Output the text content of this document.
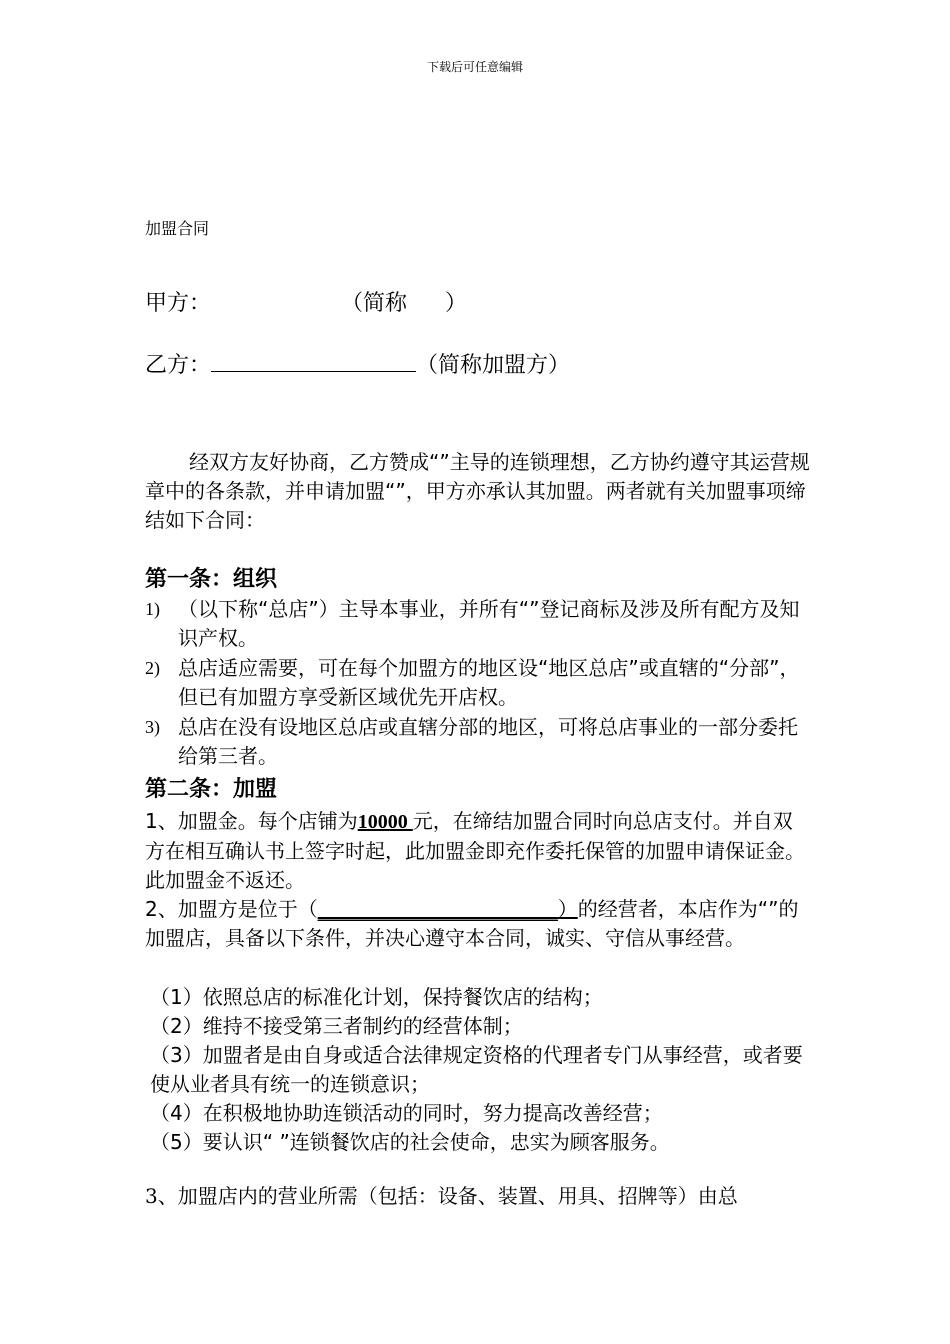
下载后可任意编辑
加盟合同
甲方：	（简称 ）
乙方：	（简称加盟方）
经双方友好协商，乙方赞成“”主导的连锁理想，乙方协约遵守其运营规章中的各条款，并申请加盟“”，甲方亦承认其加盟。两者就有关加盟事项缔结如下合同：
第一条：组织
1) （以下称“总店”）主导本事业，并所有“”登记商标及涉及所有配方及知识产权。
2) 总店适应需要，可在每个加盟方的地区设“地区总店”或直辖的“分部”，但已有加盟方享受新区域优先开店权。
3) 总店在没有设地区总店或直辖分部的地区，可将总店事业的一部分委托给第三者。
第二条：加盟
1、加盟金。每个店铺为10000 元，在缔结加盟合同时向总店支付。并自双方在相互确认书上签字时起，此加盟金即充作委托保管的加盟申请保证金。此加盟金不返还。
2、加盟方是位于（________________________）的经营者，本店作为“”的加盟店，具备以下条件，并决心遵守本合同，诚实、守信从事经营。
（1）依照总店的标准化计划，保持餐饮店的结构；
（2）维持不接受第三者制约的经营体制；
（3）加盟者是由自身或适合法律规定资格的代理者专门从事经营，或者要使从业者具有统一的连锁意识；
（4）在积极地协助连锁活动的同时，努力提高改善经营；
（5）要认识“ ”连锁餐饮店的社会使命，忠实为顾客服务。
3、加盟店内的营业所需（包括：设备、装置、用具、招牌等）由总
